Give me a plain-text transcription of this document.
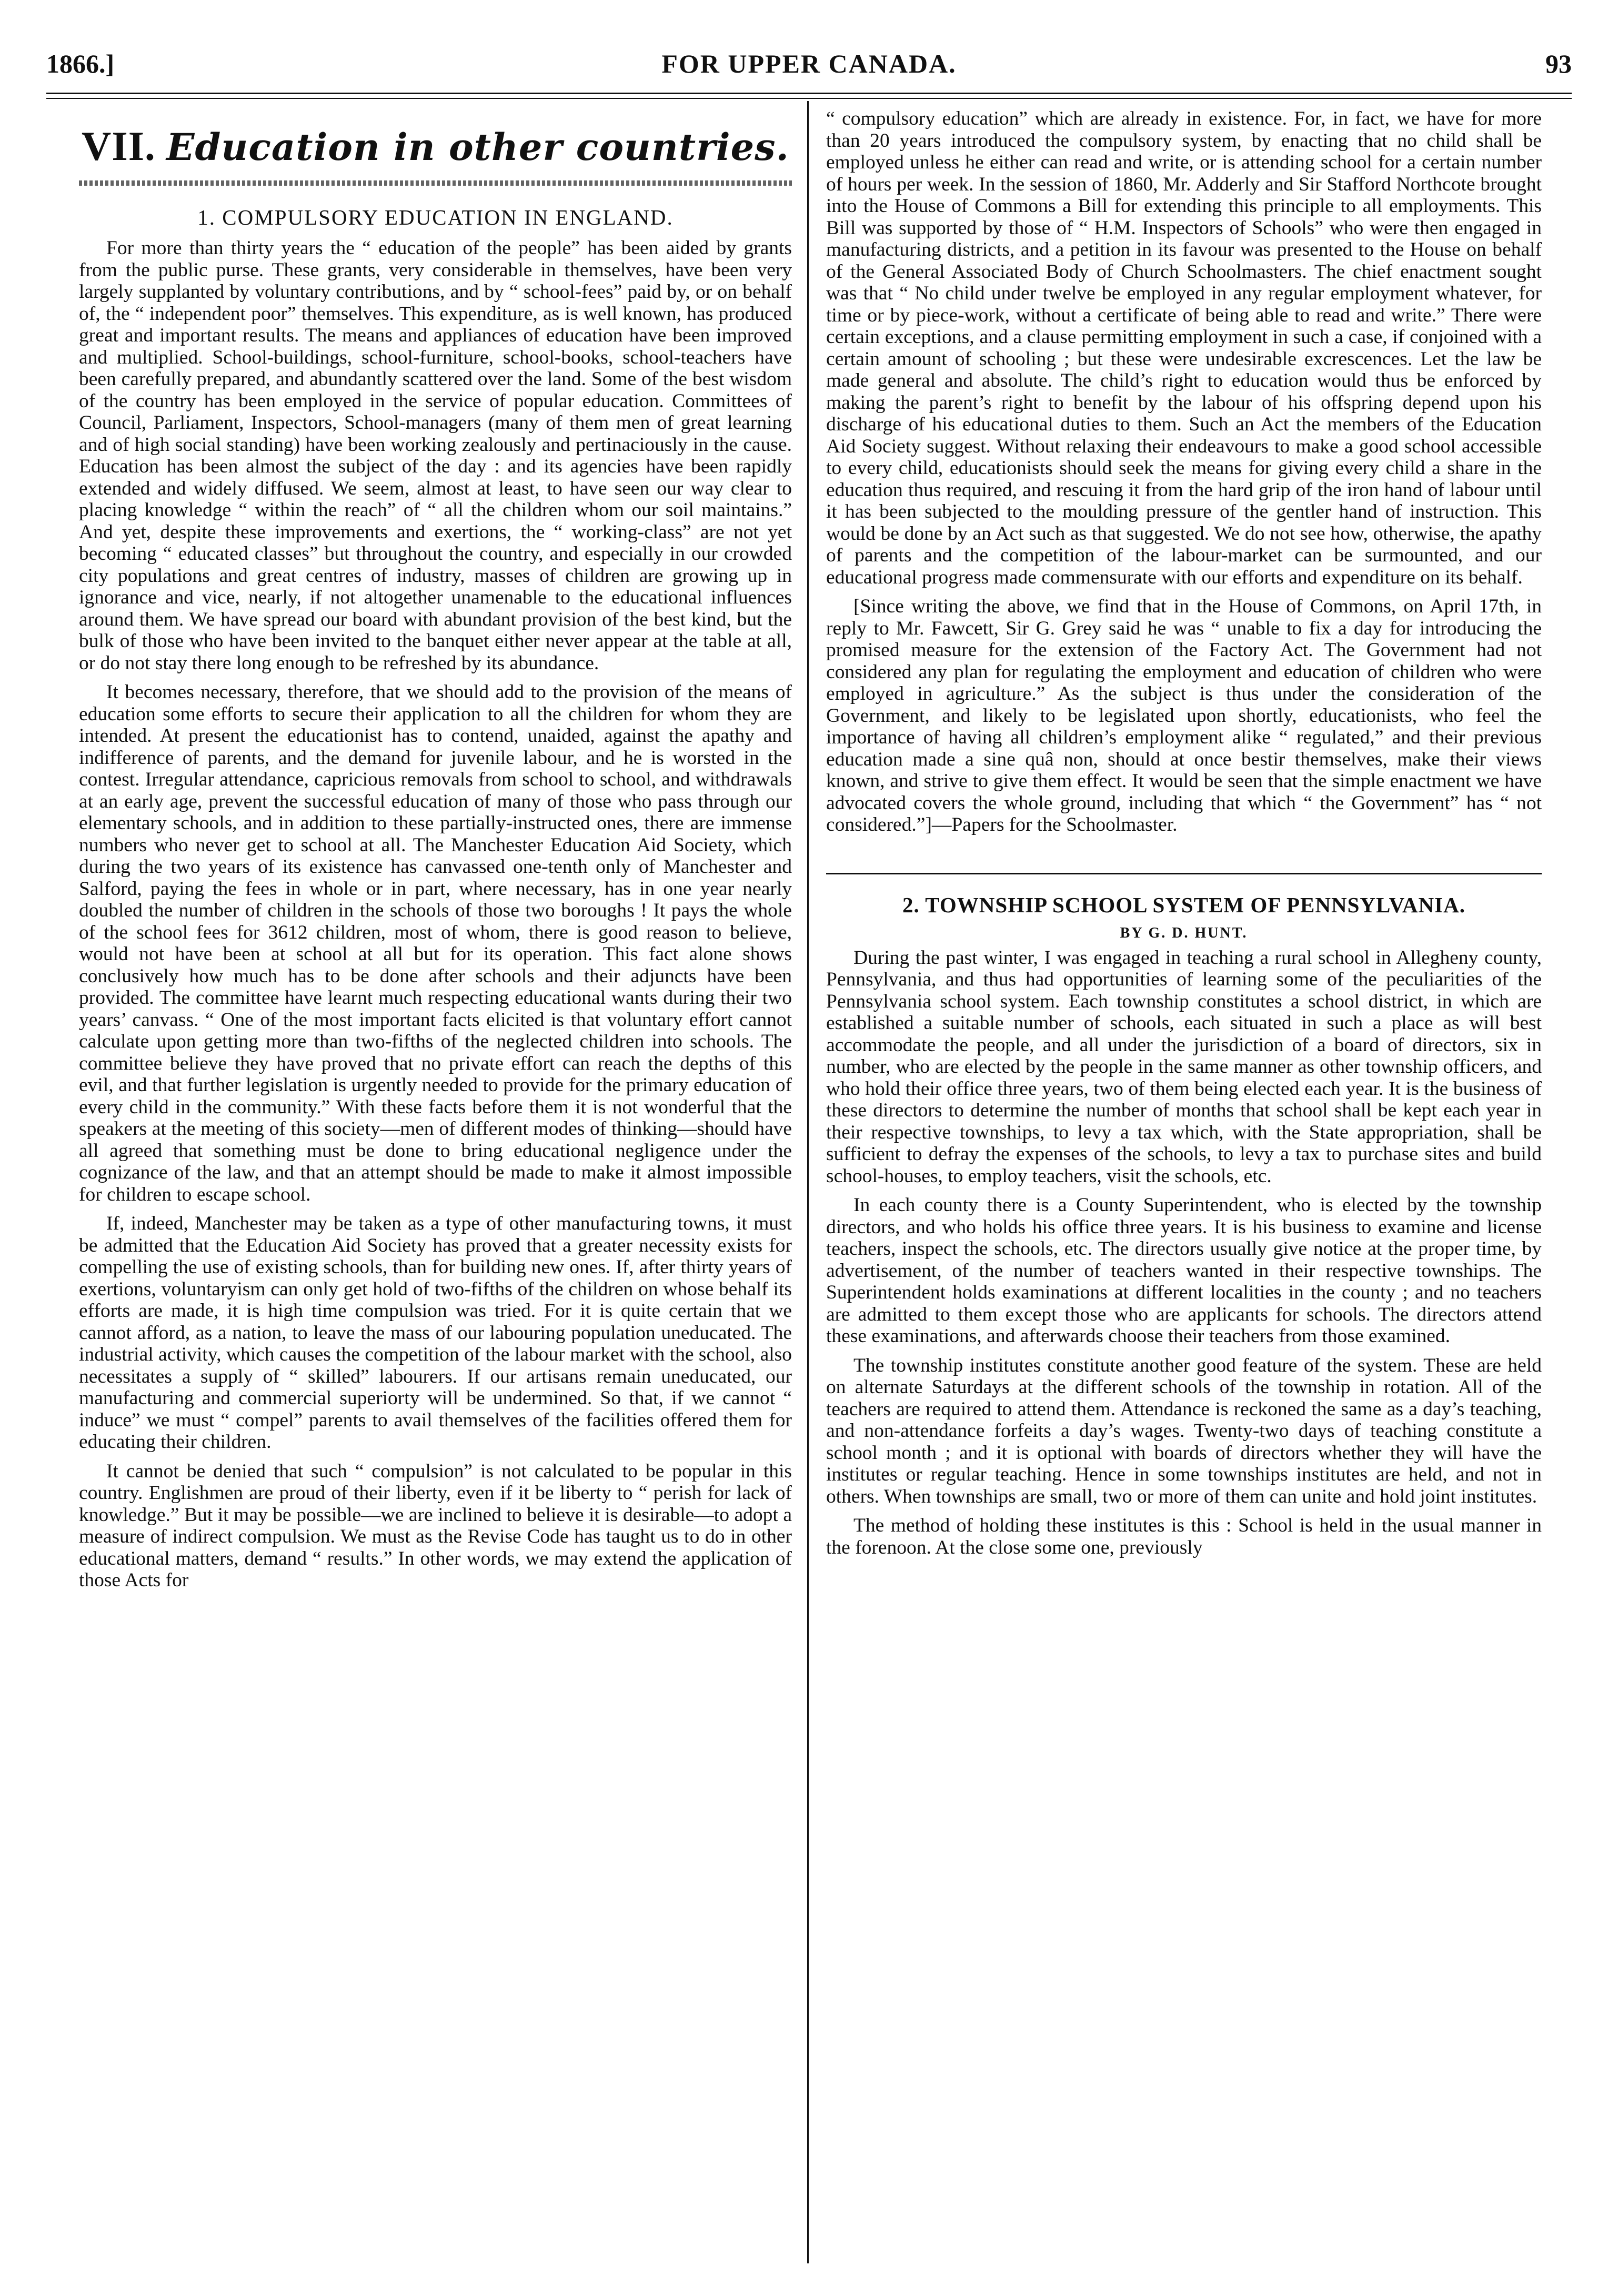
1866.]	FOR UPPER CANADA.	93
VII. Education in other countries.
1. COMPULSORY EDUCATION IN ENGLAND.

For more than thirty years the “ education of the people” has been aided by grants from the public purse. These grants, very considerable in themselves, have been very largely supplanted by voluntary contributions, and by “ school-fees” paid by, or on behalf of, the “ independent poor” themselves. This expenditure, as is well known, has produced great and important results. The means and appliances of education have been improved and multiplied. School-buildings, school-furniture, school-books, school-teachers have been carefully prepared, and abundantly scattered over the land. Some of the best wisdom of the country has been employed in the service of popular education. Committees of Council, Parliament, Inspectors, School-managers (many of them men of great learning and of high social standing) have been working zealously and pertinaciously in the cause. Education has been almost the subject of the day : and its agencies have been rapidly extended and widely diffused. We seem, almost at least, to have seen our way clear to placing knowledge “ within the reach” of “ all the children whom our soil maintains.” And yet, despite these improvements and exertions, the “ working-class” are not yet becoming “ educated classes” but throughout the country, and especially in our crowded city populations and great centres of industry, masses of children are growing up in ignorance and vice, nearly, if not altogether unamenable to the educational influences around them. We have spread our board with abundant provision of the best kind, but the bulk of those who have been invited to the banquet either never appear at the table at all, or do not stay there long enough to be refreshed by its abundance.

It becomes necessary, therefore, that we should add to the provision of the means of education some efforts to secure their application to all the children for whom they are intended. At present the educationist has to contend, unaided, against the apathy and indifference of parents, and the demand for juvenile labour, and he is worsted in the contest. Irregular attendance, capricious removals from school to school, and withdrawals at an early age, prevent the successful education of many of those who pass through our elementary schools, and in addition to these partially-instructed ones, there are immense numbers who never get to school at all. The Manchester Education Aid Society, which during the two years of its existence has canvassed one-tenth only of Manchester and Salford, paying the fees in whole or in part, where necessary, has in one year nearly doubled the number of children in the schools of those two boroughs ! It pays the whole of the school fees for 3612 children, most of whom, there is good reason to believe, would not have been at school at all but for its operation. This fact alone shows conclusively how much has to be done after schools and their adjuncts have been provided. The committee have learnt much respecting educational wants during their two years’ canvass. “ One of the most important facts elicited is that voluntary effort cannot calculate upon getting more than two-fifths of the neglected children into schools. The committee believe they have proved that no private effort can reach the depths of this evil, and that further legislation is urgently needed to provide for the primary education of every child in the community.” With these facts before them it is not wonderful that the speakers at the meeting of this society—men of different modes of thinking—should have all agreed that something must be done to bring educational negligence under the cognizance of the law, and that an attempt should be made to make it almost impossible for children to escape school.

If, indeed, Manchester may be taken as a type of other manufacturing towns, it must be admitted that the Education Aid Society has proved that a greater necessity exists for compelling the use of existing schools, than for building new ones. If, after thirty years of exertions, voluntaryism can only get hold of two-fifths of the children on whose behalf its efforts are made, it is high time compulsion was tried. For it is quite certain that we cannot afford, as a nation, to leave the mass of our labouring population uneducated. The industrial activity, which causes the competition of the labour market with the school, also necessitates a supply of “ skilled” labourers. If our artisans remain uneducated, our manufacturing and commercial superiorty will be undermined. So that, if we cannot “ induce” we must “ compel” parents to avail themselves of the facilities offered them for educating their children.

It cannot be denied that such “ compulsion” is not calculated to be popular in this country. Englishmen are proud of their liberty, even if it be liberty to “ perish for lack of knowledge.” But it may be possible—we are inclined to believe it is desirable—to adopt a measure of indirect compulsion. We must as the Revise Code has taught us to do in other educational matters, demand “ results.” In other words, we may extend the application of those Acts for

“ compulsory education” which are already in existence. For, in fact, we have for more than 20 years introduced the compulsory system, by enacting that no child shall be employed unless he either can read and write, or is attending school for a certain number of hours per week. In the session of 1860, Mr. Adderly and Sir Stafford Northcote brought into the House of Commons a Bill for extending this principle to all employments. This Bill was supported by those of “ H.M. Inspectors of Schools” who were then engaged in manufacturing districts, and a petition in its favour was presented to the House on behalf of the General Associated Body of Church Schoolmasters. The chief enactment sought was that “ No child under twelve be employed in any regular employment whatever, for time or by piece-work, without a certificate of being able to read and write.” There were certain exceptions, and a clause permitting employment in such a case, if conjoined with a certain amount of schooling ; but these were undesirable excrescences. Let the law be made general and absolute. The child’s right to education would thus be enforced by making the parent’s right to benefit by the labour of his offspring depend upon his discharge of his educational duties to them. Such an Act the members of the Education Aid Society suggest. Without relaxing their endeavours to make a good school accessible to every child, educationists should seek the means for giving every child a share in the education thus required, and rescuing it from the hard grip of the iron hand of labour until it has been subjected to the moulding pressure of the gentler hand of instruction. This would be done by an Act such as that suggested. We do not see how, otherwise, the apathy of parents and the competition of the labour-market can be surmounted, and our educational progress made commensurate with our efforts and expenditure on its behalf.

[Since writing the above, we find that in the House of Commons, on April 17th, in reply to Mr. Fawcett, Sir G. Grey said he was “ unable to fix a day for introducing the promised measure for the extension of the Factory Act. The Government had not considered any plan for regulating the employment and education of children who were employed in agriculture.” As the subject is thus under the consideration of the Government, and likely to be legislated upon shortly, educationists, who feel the importance of having all children’s employment alike “ regulated,” and their previous education made a sine quâ non, should at once bestir themselves, make their views known, and strive to give them effect. It would be seen that the simple enactment we have advocated covers the whole ground, including that which “ the Government” has “ not considered.”]—Papers for the Schoolmaster.

2. TOWNSHIP SCHOOL SYSTEM OF PENNSYLVANIA.
BY G. D. HUNT.

During the past winter, I was engaged in teaching a rural school in Allegheny county, Pennsylvania, and thus had opportunities of learning some of the peculiarities of the Pennsylvania school system. Each township constitutes a school district, in which are established a suitable number of schools, each situated in such a place as will best accommodate the people, and all under the jurisdiction of a board of directors, six in number, who are elected by the people in the same manner as other township officers, and who hold their office three years, two of them being elected each year. It is the business of these directors to determine the number of months that school shall be kept each year in their respective townships, to levy a tax which, with the State appropriation, shall be sufficient to defray the expenses of the schools, to levy a tax to purchase sites and build school-houses, to employ teachers, visit the schools, etc.

In each county there is a County Superintendent, who is elected by the township directors, and who holds his office three years. It is his business to examine and license teachers, inspect the schools, etc. The directors usually give notice at the proper time, by advertisement, of the number of teachers wanted in their respective townships. The Superintendent holds examinations at different localities in the county ; and no teachers are admitted to them except those who are applicants for schools. The directors attend these examinations, and afterwards choose their teachers from those examined.

The township institutes constitute another good feature of the system. These are held on alternate Saturdays at the different schools of the township in rotation. All of the teachers are required to attend them. Attendance is reckoned the same as a day’s teaching, and non-attendance forfeits a day’s wages. Twenty-two days of teaching constitute a school month ; and it is optional with boards of directors whether they will have the institutes or regular teaching. Hence in some townships institutes are held, and not in others. When townships are small, two or more of them can unite and hold joint institutes.

The method of holding these institutes is this : School is held in the usual manner in the forenoon. At the close some one, previously
